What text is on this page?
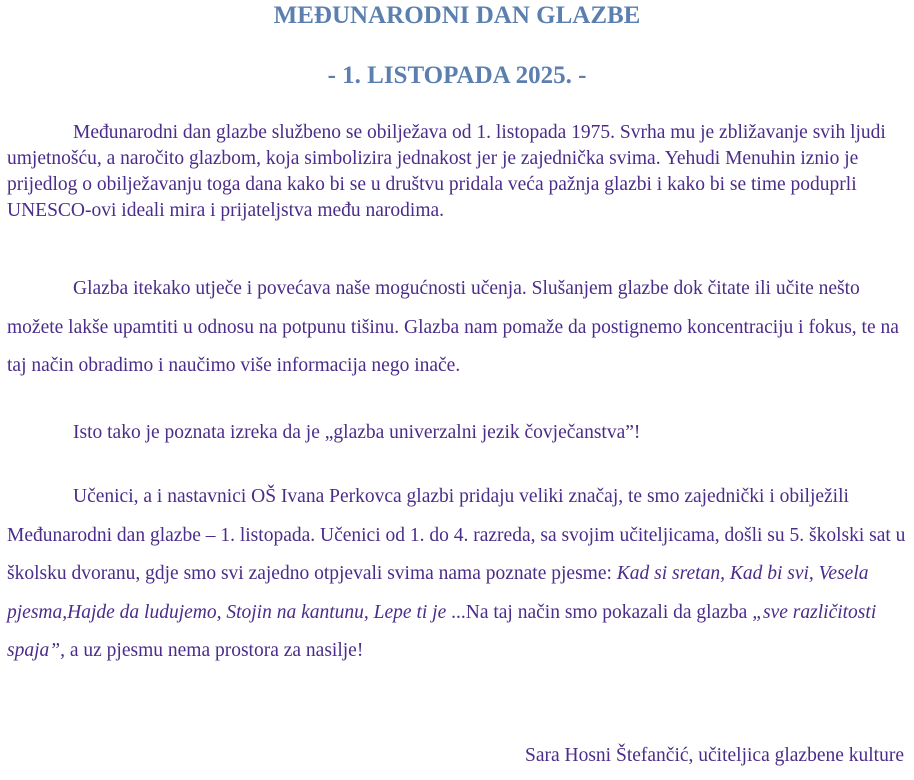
MEĐUNARODNI DAN GLAZBE
- 1. LISTOPADA 2025. -

Međunarodni dan glazbe službeno se obilježava od 1. listopada 1975. Svrha mu je zbližavanje svih ljudi umjetnošću, a naročito glazbom, koja simbolizira jednakost jer je zajednička svima. Yehudi Menuhin iznio je prijedlog o obilježavanju toga dana kako bi se u društvu pridala veća pažnja glazbi i kako bi se time poduprli UNESCO-ovi ideali mira i prijateljstva među narodima.

Glazba itekako utječe i povećava naše mogućnosti učenja. Slušanjem glazbe dok čitate ili učite nešto možete lakše upamtiti u odnosu na potpunu tišinu. Glazba nam pomaže da postignemo koncentraciju i fokus, te na taj način obradimo i naučimo više informacija nego inače.

Isto tako je poznata izreka da je „glazba univerzalni jezik čovječanstva”!

Učenici, a i nastavnici OŠ Ivana Perkovca glazbi pridaju veliki značaj, te smo zajednički i obilježili Međunarodni dan glazbe – 1. listopada. Učenici od 1. do 4. razreda, sa svojim učiteljicama, došli su 5. školski sat u školsku dvoranu, gdje smo svi zajedno otpjevali svima nama poznate pjesme: Kad si sretan, Kad bi svi, Vesela pjesma,Hajde da ludujemo, Stojin na kantunu, Lepe ti je ...Na taj način smo pokazali da glazba „sve različitosti spaja”, a uz pjesmu nema prostora za nasilje!

Sara Hosni Štefančić, učiteljica glazbene kulture
